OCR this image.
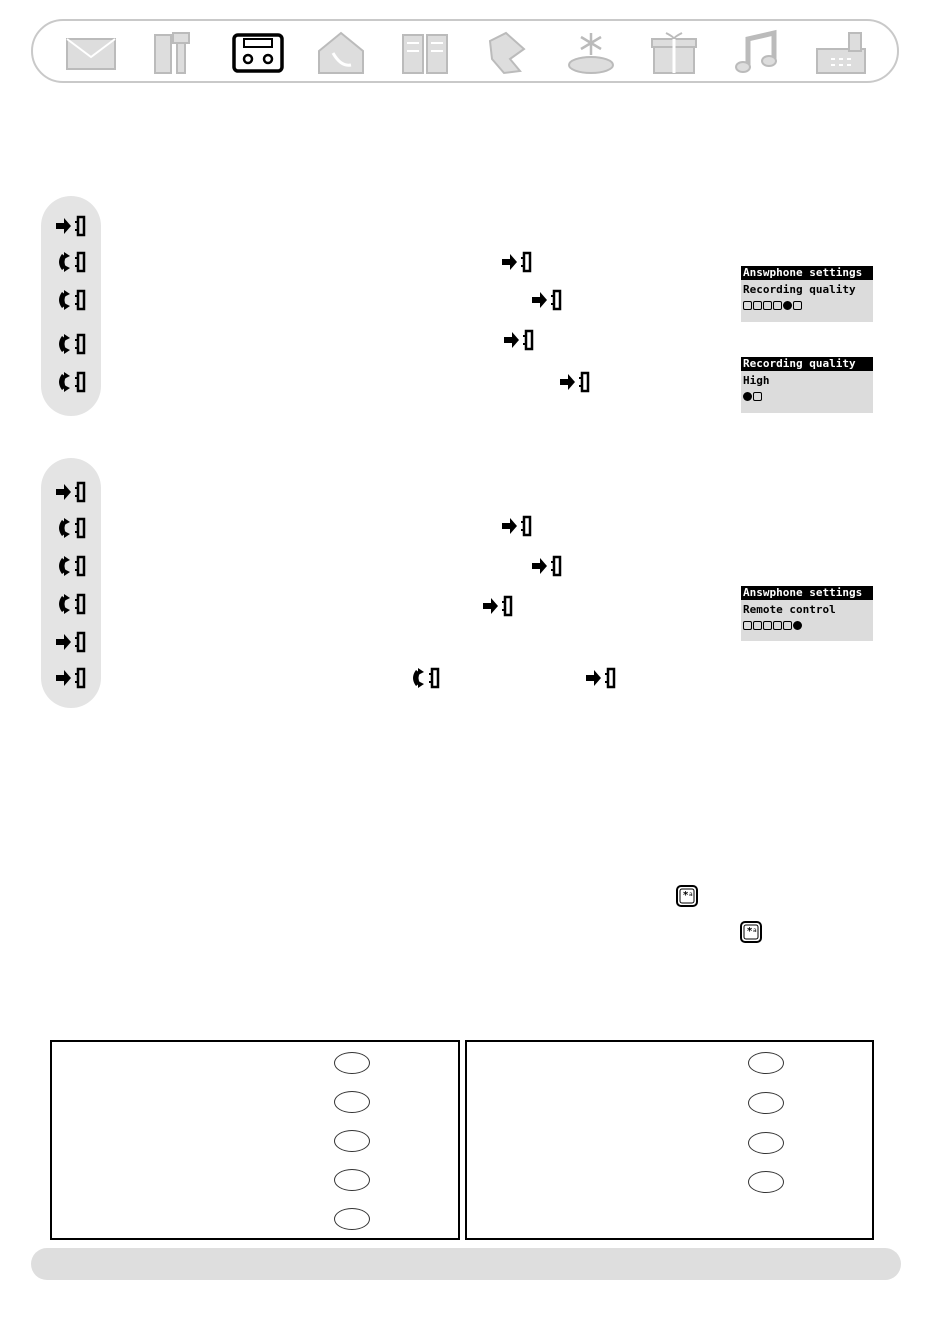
Answphone settings
Recording quality
Recording quality
High
Answphone settings
Remote control
